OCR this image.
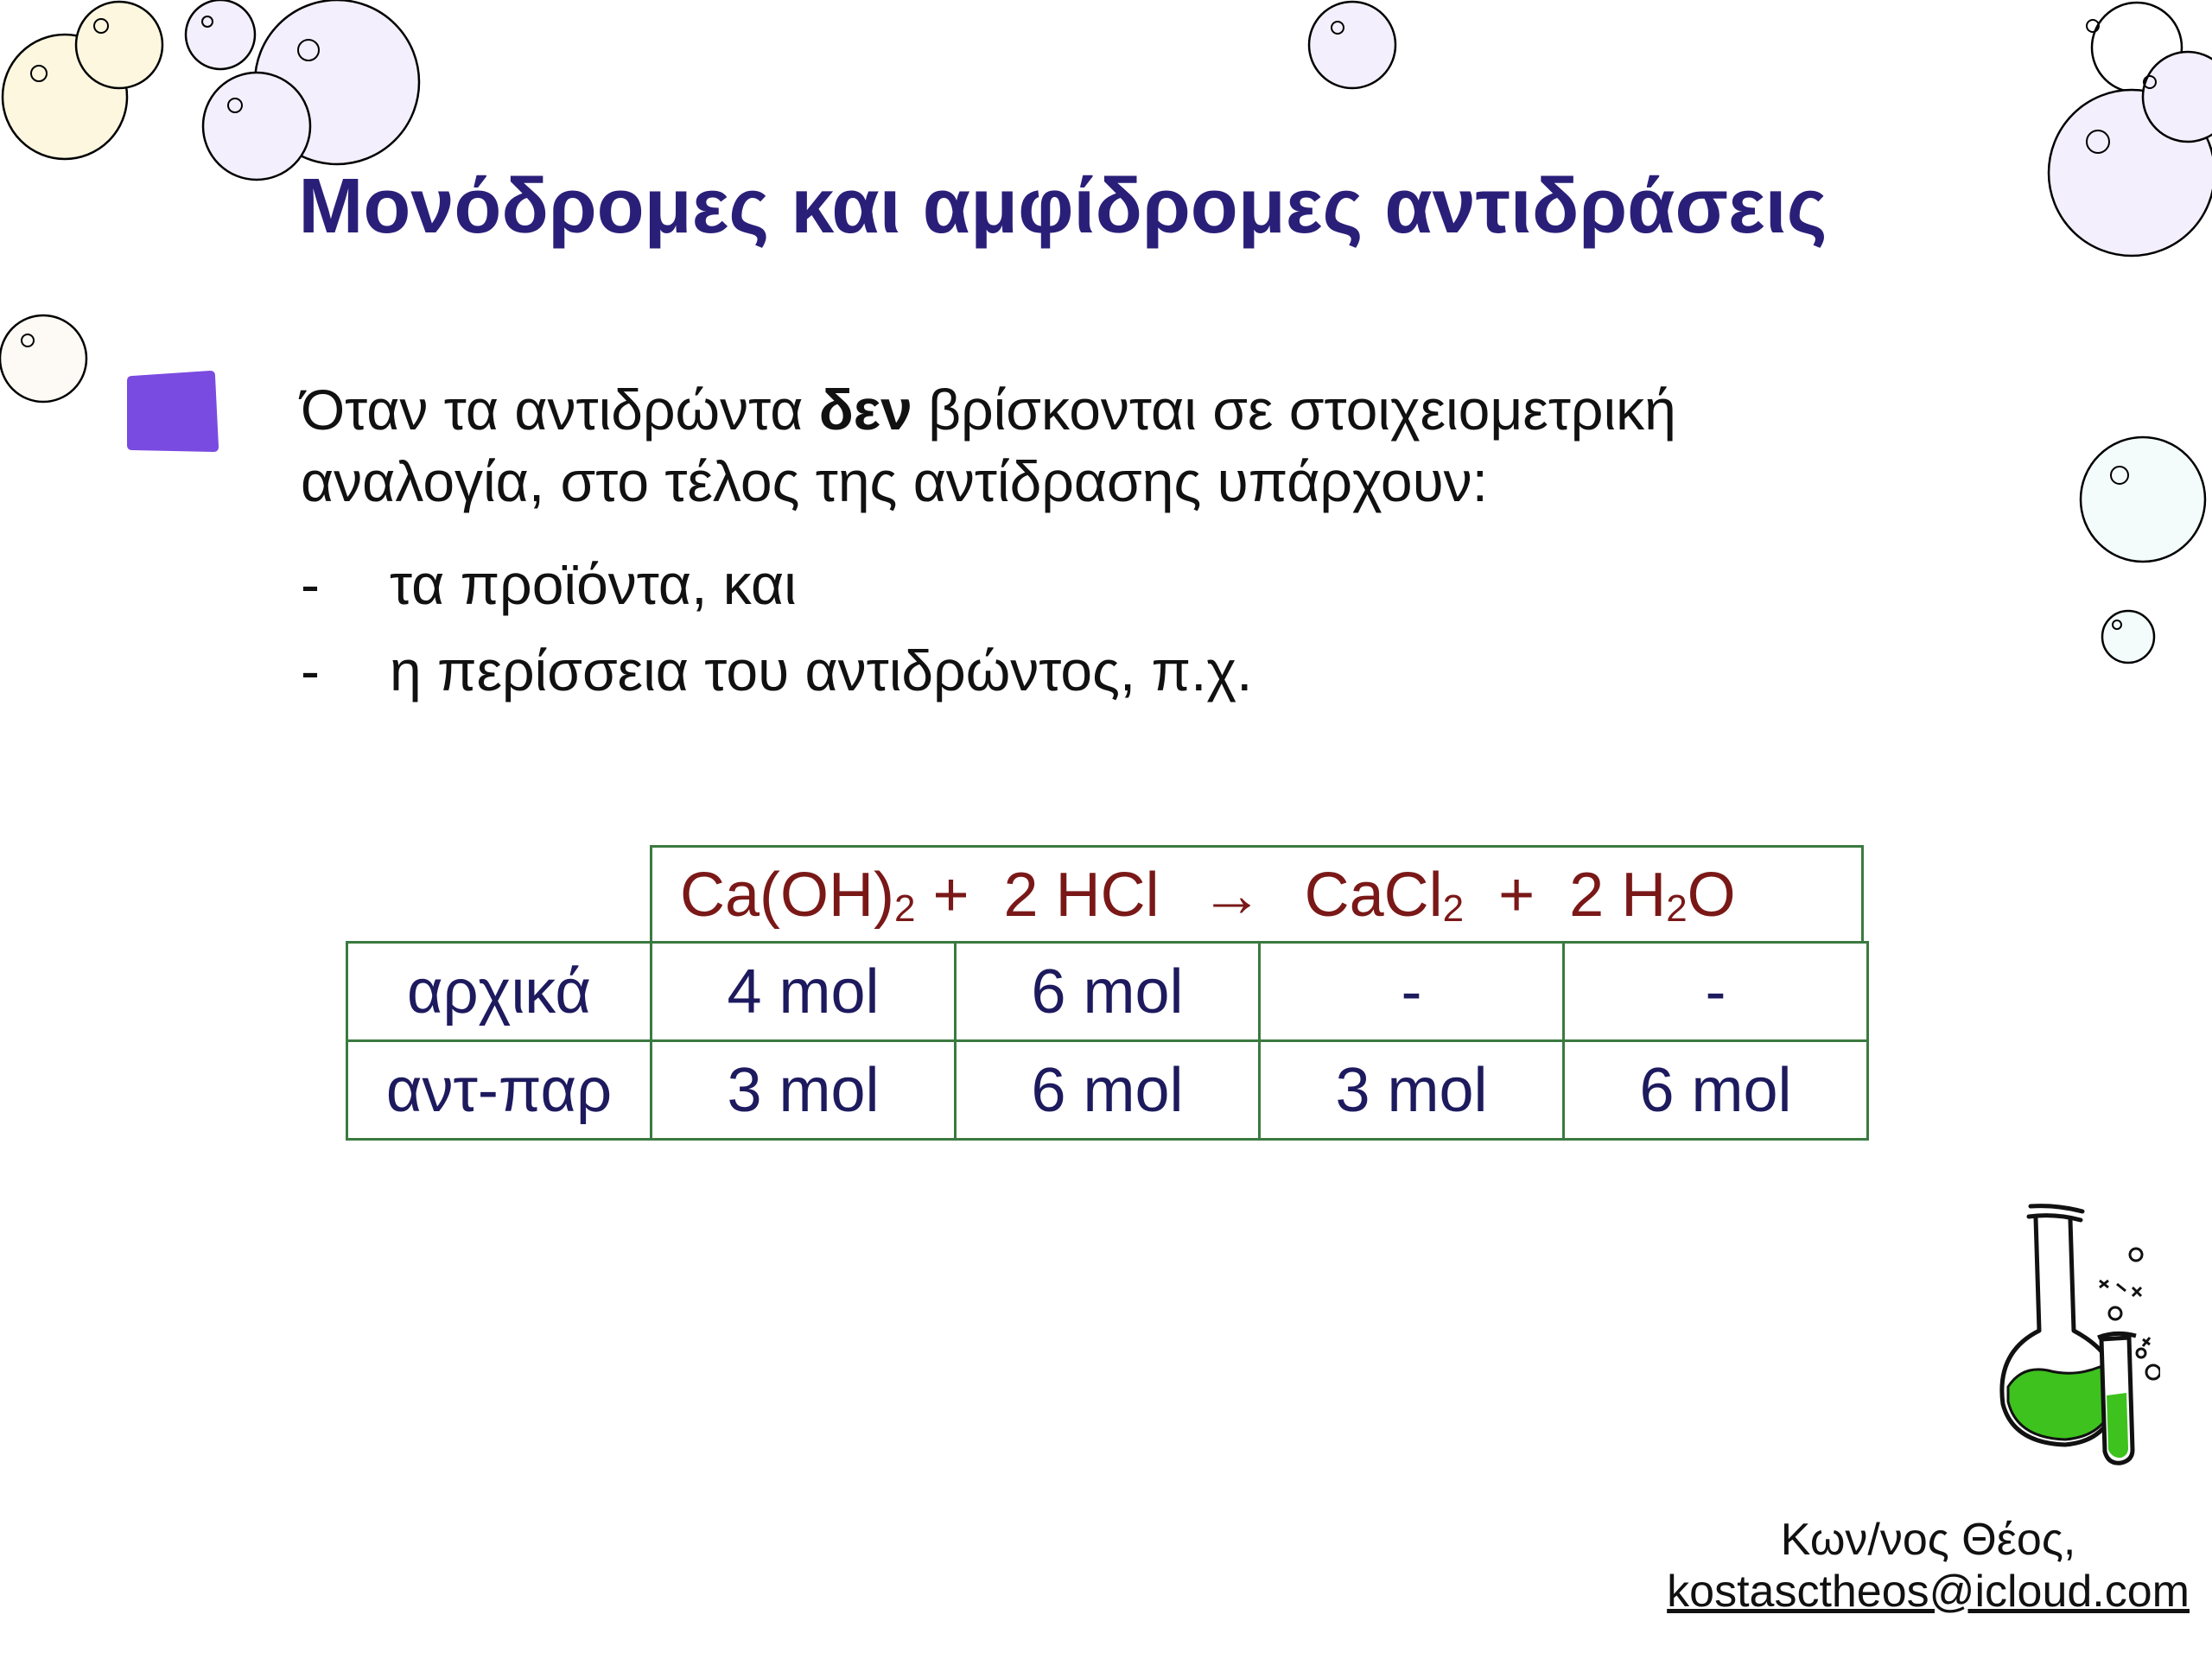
Μονόδρομες και αμφίδρομες αντιδράσεις
Όταν τα αντιδρώντα δεν βρίσκονται σε στοιχειομετρική
αναλογία, στο τέλος της αντίδρασης υπάρχουν:
- τα προϊόντα, και
- η περίσσεια του αντιδρώντος, π.χ.
$Ca(OH)_2 + 2$ HCl → CaCl$_2$ + 2 $H_2O$
αρχικά	4 mol	6 mol	-	-
αντ-παρ	3 mol	6 mol	3 mol	6 mol
Κων/νος Θέος,
kostasctheos@icloud.com
